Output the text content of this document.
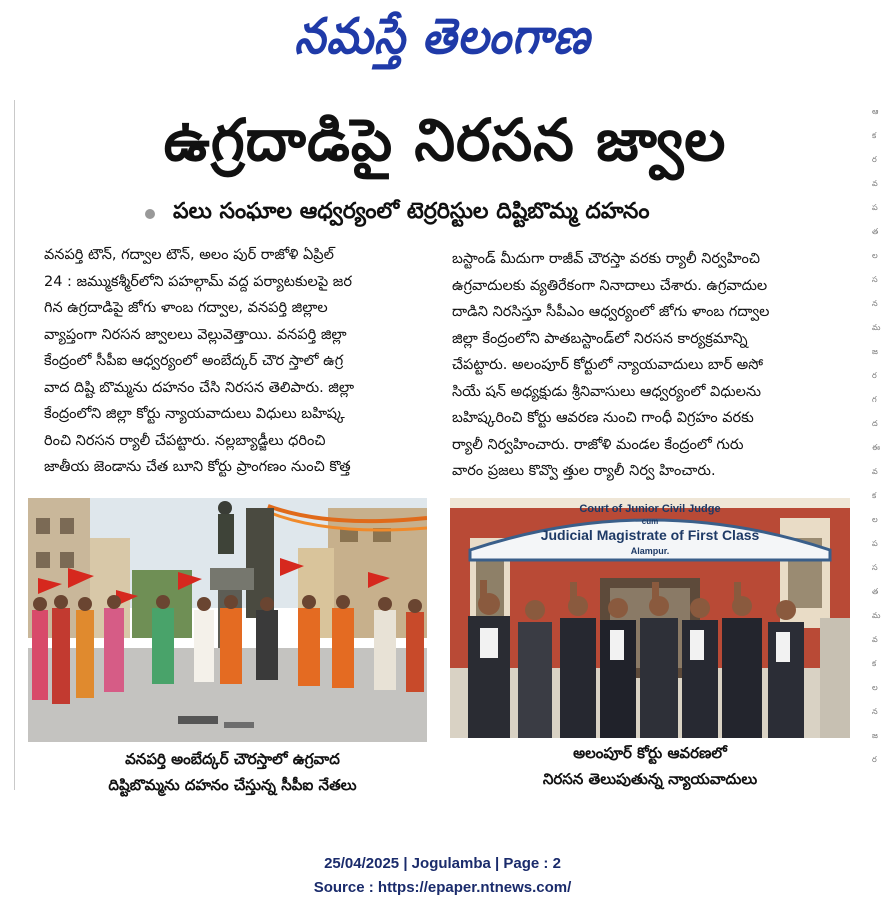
నమస్తే తెలంగాణ
ఆ
క
ర
వ
ప
త
ల
స
న
మ
జ
ర
గ
ద
ఈ
వ
క
ల
ప
స
త
మ
వ
క
ల
న
జ
ర
ఉగ్రదాడిపై నిరసన జ్వాల
పలు సంఘాల ఆధ్వర్యంలో టెర్రరిస్టుల దిష్టిబొమ్మ దహనం

వనపర్తి టౌన్, గద్వాల టౌన్, అలం పుర్ రాజోళి ఏప్రిల్

24 : జమ్ముకశ్మీర్‌లోని పహల్గామ్ వద్ద పర్యాటకులపై జర

గిన ఉగ్రదాడిపై జోగు ళాంబ గద్వాల, వనపర్తి జిల్లాల

వ్యాప్తంగా నిరసన జ్వాలలు వెల్లువెత్తాయి. వనపర్తి జిల్లా

కేంద్రంలో సీపీఐ ఆధ్వర్యంలో అంబేద్కర్ చౌర స్తాలో ఉగ్ర

వాద దిష్టి బొమ్మను దహనం చేసి నిరసన తెలిపారు. జిల్లా

కేంద్రంలోని జిల్లా కోర్టు న్యాయవాదులు విధులు బహిష్క

రించి నిరసన ర్యాలీ చేపట్టారు. నల్లబ్యాడ్జీలు ధరించి

జాతీయ జెండాను చేత బూని కోర్టు ప్రాంగణం నుంచి కొత్త

బస్టాండ్ మీదుగా రాజీవ్ చౌరస్తా వరకు ర్యాలీ నిర్వహించి

ఉగ్రవాదులకు వ్యతిరేకంగా నినాదాలు చేశారు. ఉగ్రవాదుల

దాడిని నిరసిస్తూ సీపీఎం ఆధ్వర్యంలో జోగు ళాంబ గద్వాల

జిల్లా కేంద్రంలోని పాతబస్టాండ్‌లో నిరసన కార్యక్రమాన్ని

చేపట్టారు. అలంపూర్ కోర్టులో న్యాయవాదులు బార్ అసో

సియే షన్ అధ్యక్షుడు శ్రీనివాసులు ఆధ్వర్యంలో విధులను

బహిష్కరించి కోర్టు ఆవరణ నుంచి గాంధీ విగ్రహం వరకు

ర్యాలీ నిర్వహించారు. రాజోళి మండల కేంద్రంలో గురు

వారం ప్రజలు కొవ్వొ త్తుల ర్యాలీ నిర్వ హించారు.

Court of Junior Civil Judge
cum
Judicial Magistrate of First Class
Alampur.

వనపర్తి అంబేద్కర్ చౌరస్తాలో ఉగ్రవాద

దిష్టిబొమ్మను దహనం చేస్తున్న సీపీఐ నేతలు

అలంపూర్ కోర్టు ఆవరణలో

నిరసన తెలుపుతున్న న్యాయవాదులు

25/04/2025 | Jogulamba | Page : 2

Source : https://epaper.ntnews.com/
